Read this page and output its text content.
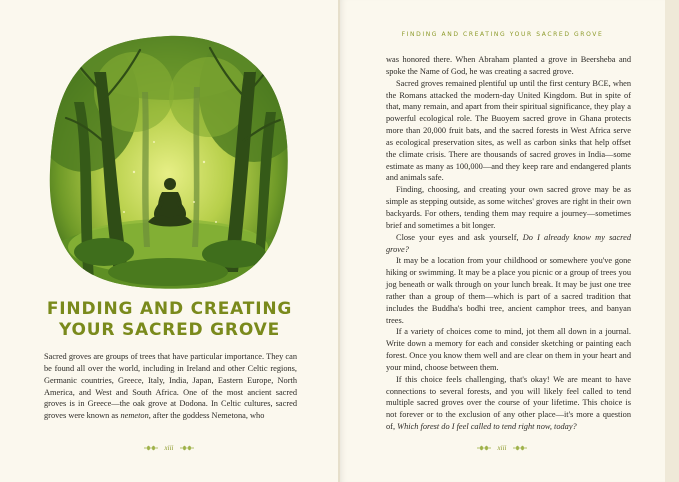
FINDING AND CREATING
YOUR SACRED GROVE

Sacred groves are groups of trees that have particular importance. They can be found all over the world, including in Ireland and other Celtic regions, Germanic countries, Greece, Italy, India, Japan, Eastern Europe, North America, and West and South Africa. One of the most ancient sacred groves is in Greece—the oak grove at Dodona. In Celtic cultures, sacred groves were known as nemeton, after the goddess Nemetona, who

xiii
FINDING AND CREATING YOUR SACRED GROVE

was honored there. When Abraham planted a grove in Beersheba and spoke the Name of God, he was creating a sacred grove.

Sacred groves remained plentiful up until the first century BCE, when the Romans attacked the modern-day United Kingdom. But in spite of that, many remain, and apart from their spiritual significance, they play a powerful ecological role. The Buoyem sacred grove in Ghana protects more than 20,000 fruit bats, and the sacred forests in West Africa serve as ecological preservation sites, as well as carbon sinks that help offset the climate crisis. There are thousands of sacred groves in India—some estimate as many as 100,000—and they keep rare and endangered plants and animals safe.

Finding, choosing, and creating your own sacred grove may be as simple as stepping outside, as some witches' groves are right in their own backyards. For others, tending them may require a journey—sometimes brief and sometimes a bit longer.

Close your eyes and ask yourself, Do I already know my sacred grove?

It may be a location from your childhood or somewhere you've gone hiking or swimming. It may be a place you picnic or a group of trees you jog beneath or walk through on your lunch break. It may be just one tree rather than a group of them—which is part of a sacred tradition that includes the Buddha's bodhi tree, ancient camphor trees, and banyan trees.

If a variety of choices come to mind, jot them all down in a journal. Write down a memory for each and consider sketching or painting each forest. Once you know them well and are clear on them in your heart and your mind, choose between them.

If this choice feels challenging, that's okay! We are meant to have connections to several forests, and you will likely feel called to tend multiple sacred groves over the course of your lifetime. This choice is not forever or to the exclusion of any other place—it's more a question of, Which forest do I feel called to tend right now, today?

xiii
